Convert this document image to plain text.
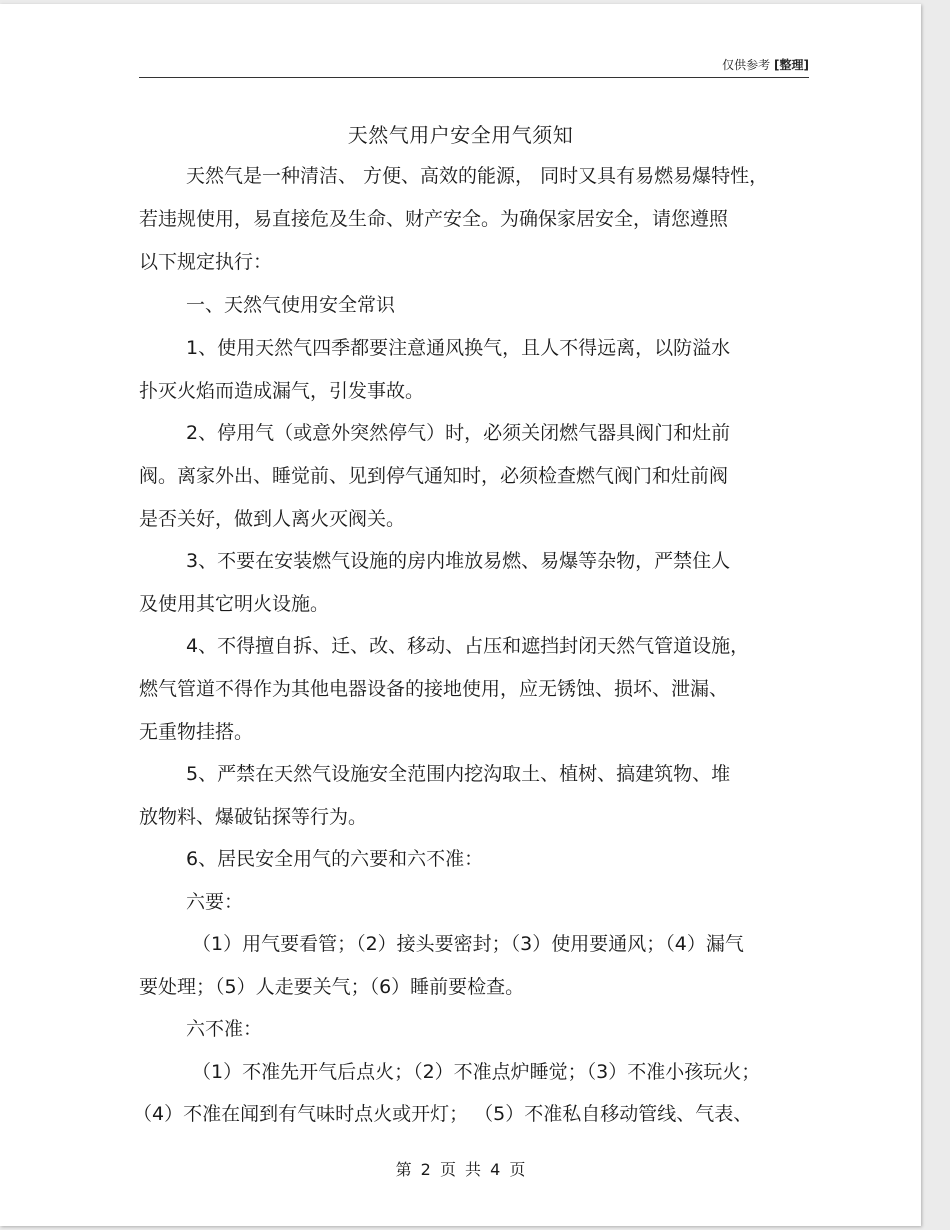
仅供参考 [整理]
天然气用户安全用气须知
天然气是一种清洁、 方便、高效的能源， 同时又具有易燃易爆特性，
若违规使用，易直接危及生命、财产安全。为确保家居安全，请您遵照
以下规定执行：
一、天然气使用安全常识
1、使用天然气四季都要注意通风换气，且人不得远离，以防溢水
扑灭火焰而造成漏气，引发事故。
2、停用气（或意外突然停气）时，必须关闭燃气器具阀门和灶前
阀。离家外出、睡觉前、见到停气通知时，必须检查燃气阀门和灶前阀
是否关好，做到人离火灭阀关。
3、不要在安装燃气设施的房内堆放易燃、易爆等杂物，严禁住人
及使用其它明火设施。
4、不得擅自拆、迁、改、移动、占压和遮挡封闭天然气管道设施，
燃气管道不得作为其他电器设备的接地使用，应无锈蚀、损坏、泄漏、
无重物挂搭。
5、严禁在天然气设施安全范围内挖沟取土、植树、搞建筑物、堆
放物料、爆破钻探等行为。
6、居民安全用气的六要和六不准：
六要：
（1）用气要看管；（2）接头要密封；（3）使用要通风；（4）漏气
要处理；（5）人走要关气；（6）睡前要检查。
六不准：
（1）不准先开气后点火；（2）不准点炉睡觉；（3）不准小孩玩火；
（4）不准在闻到有气味时点火或开灯； （5）不准私自移动管线、气表、
第 2 页 共 4 页
